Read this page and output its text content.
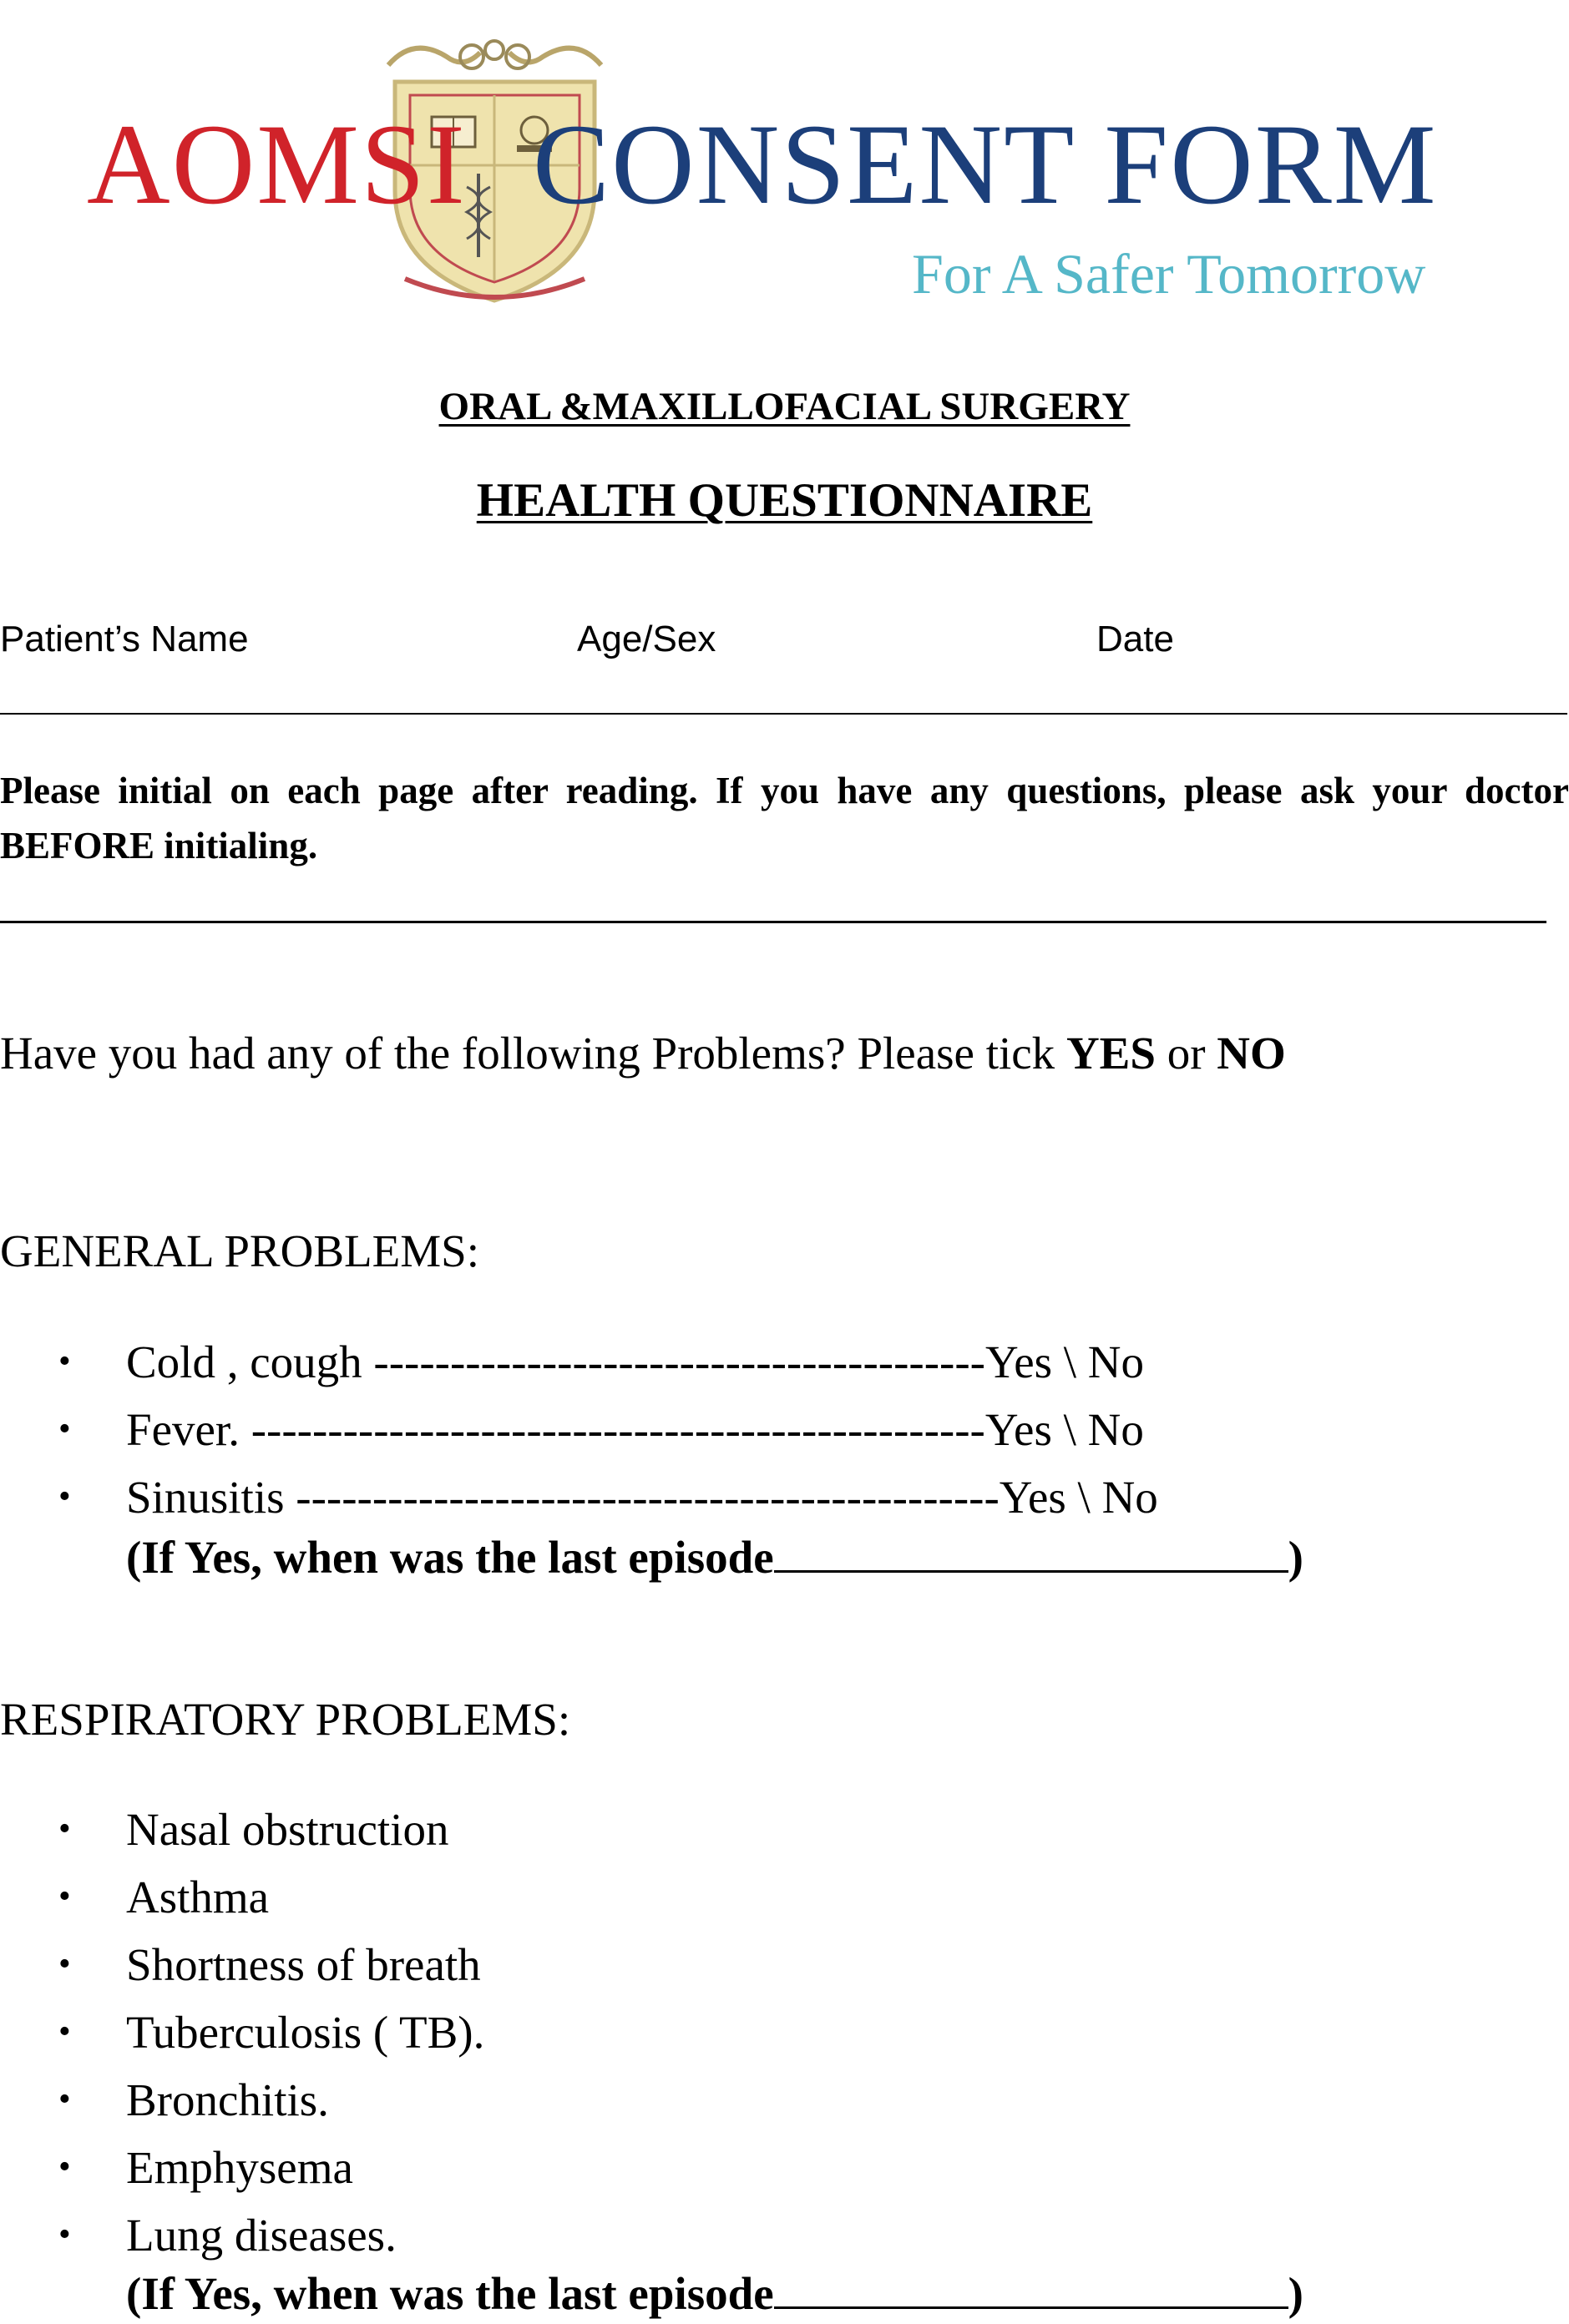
AOMSI CONSENT FORM
For A Safer Tomorrow
ORAL &MAXILLOFACIAL SURGERY
HEALTH QUESTIONNAIRE
Patient’s Name	Age/Sex	Date
Please initial on each page after reading. If you have any questions, please ask your doctor BEFORE initialing.
Have you had any of the following Problems? Please tick YES or NO
GENERAL PROBLEMS:
• Cold , cough ----------------------------------------Yes \ No
• Fever. ------------------------------------------------Yes \ No
• Sinusitis ----------------------------------------------Yes \ No
(If Yes, when was the last episode	)
RESPIRATORY PROBLEMS:
• Nasal obstruction
• Asthma
• Shortness of breath
• Tuberculosis ( TB).
• Bronchitis.
• Emphysema
• Lung diseases.
(If Yes, when was the last episode	)
